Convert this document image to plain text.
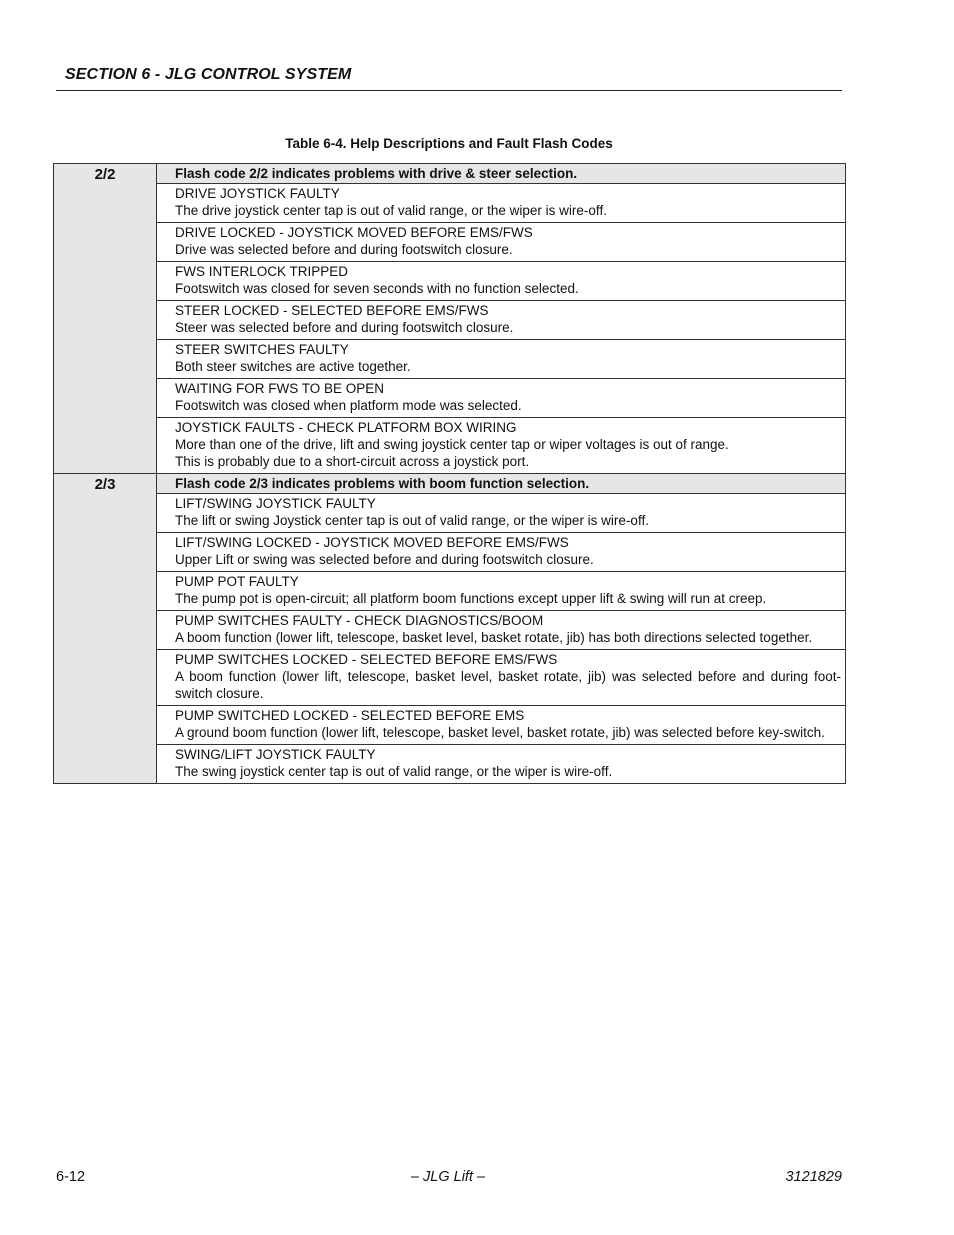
SECTION 6 - JLG CONTROL SYSTEM
Table 6-4. Help Descriptions and Fault Flash Codes
2/2	Flash code 2/2 indicates problems with drive & steer selection.

	DRIVE JOYSTICK FAULTY
The drive joystick center tap is out of valid range, or the wiper is wire-off.

	DRIVE LOCKED - JOYSTICK MOVED BEFORE EMS/FWS
Drive was selected before and during footswitch closure.

	FWS INTERLOCK TRIPPED
Footswitch was closed for seven seconds with no function selected.

	STEER LOCKED - SELECTED BEFORE EMS/FWS
Steer was selected before and during footswitch closure.

	STEER SWITCHES FAULTY
Both steer switches are active together.

	WAITING FOR FWS TO BE OPEN
Footswitch was closed when platform mode was selected.

	JOYSTICK FAULTS - CHECK PLATFORM BOX WIRING
More than one of the drive, lift and swing joystick center tap or wiper voltages is out of range.
This is probably due to a short-circuit across a joystick port.

2/3	Flash code 2/3 indicates problems with boom function selection.

	LIFT/SWING JOYSTICK FAULTY
The lift or swing Joystick center tap is out of valid range, or the wiper is wire-off.

	LIFT/SWING LOCKED - JOYSTICK MOVED BEFORE EMS/FWS
Upper Lift or swing was selected before and during footswitch closure.

	PUMP POT FAULTY
The pump pot is open-circuit; all platform boom functions except upper lift & swing will run at creep.

	PUMP SWITCHES FAULTY - CHECK DIAGNOSTICS/BOOM
A boom function (lower lift, telescope, basket level, basket rotate, jib) has both directions selected together.

	PUMP SWITCHES LOCKED - SELECTED BEFORE EMS/FWS
A boom function (lower lift, telescope, basket level, basket rotate, jib) was selected before and during foot-switch closure.

	PUMP SWITCHED LOCKED - SELECTED BEFORE EMS
A ground boom function (lower lift, telescope, basket level, basket rotate, jib) was selected before key-switch.

	SWING/LIFT JOYSTICK FAULTY
The swing joystick center tap is out of valid range, or the wiper is wire-off.
6-12	– JLG Lift –	3121829
